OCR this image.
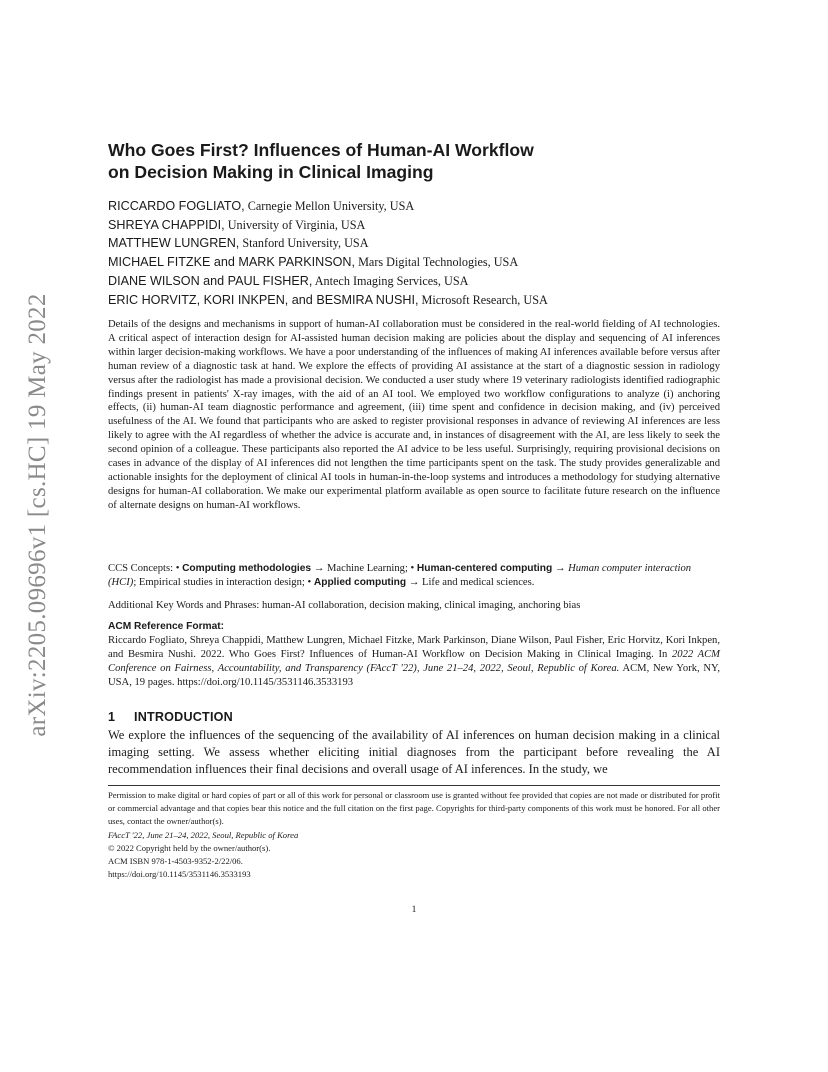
arXiv:2205.09696v1 [cs.HC] 19 May 2022
Who Goes First? Influences of Human-AI Workflow
on Decision Making in Clinical Imaging
RICCARDO FOGLIATO, Carnegie Mellon University, USA
SHREYA CHAPPIDI, University of Virginia, USA
MATTHEW LUNGREN, Stanford University, USA
MICHAEL FITZKE and MARK PARKINSON, Mars Digital Technologies, USA
DIANE WILSON and PAUL FISHER, Antech Imaging Services, USA
ERIC HORVITZ, KORI INKPEN, and BESMIRA NUSHI, Microsoft Research, USA

Details of the designs and mechanisms in support of human-AI collaboration must be considered in the real-world fielding of AI technologies. A critical aspect of interaction design for AI-assisted human decision making are policies about the display and sequencing of AI inferences within larger decision-making workflows. We have a poor understanding of the influences of making AI inferences available before versus after human review of a diagnostic task at hand. We explore the effects of providing AI assistance at the start of a diagnostic session in radiology versus after the radiologist has made a provisional decision. We conducted a user study where 19 veterinary radiologists identified radiographic findings present in patients' X-ray images, with the aid of an AI tool. We employed two workflow configurations to analyze (i) anchoring effects, (ii) human-AI team diagnostic performance and agreement, (iii) time spent and confidence in decision making, and (iv) perceived usefulness of the AI. We found that participants who are asked to register provisional responses in advance of reviewing AI inferences are less likely to agree with the AI regardless of whether the advice is accurate and, in instances of disagreement with the AI, are less likely to seek the second opinion of a colleague. These participants also reported the AI advice to be less useful. Surprisingly, requiring provisional decisions on cases in advance of the display of AI inferences did not lengthen the time participants spent on the task. The study provides generalizable and actionable insights for the deployment of clinical AI tools in human-in-the-loop systems and introduces a methodology for studying alternative designs for human-AI collaboration. We make our experimental platform available as open source to facilitate future research on the influence of alternate designs on human-AI workflows.

CCS Concepts: • Computing methodologies → Machine Learning; • Human-centered computing → Human computer interaction (HCI); Empirical studies in interaction design; • Applied computing → Life and medical sciences.

Additional Key Words and Phrases: human-AI collaboration, decision making, clinical imaging, anchoring bias

ACM Reference Format:

Riccardo Fogliato, Shreya Chappidi, Matthew Lungren, Michael Fitzke, Mark Parkinson, Diane Wilson, Paul Fisher, Eric Horvitz, Kori Inkpen, and Besmira Nushi. 2022. Who Goes First? Influences of Human-AI Workflow on Decision Making in Clinical Imaging. In 2022 ACM Conference on Fairness, Accountability, and Transparency (FAccT '22), June 21–24, 2022, Seoul, Republic of Korea. ACM, New York, NY, USA, 19 pages. https://doi.org/10.1145/3531146.3533193

1 INTRODUCTION

We explore the influences of the sequencing of the availability of AI inferences on human decision making in a clinical imaging setting. We assess whether eliciting initial diagnoses from the participant before revealing the AI recommendation influences their final decisions and overall usage of AI inferences. In the study, we

Permission to make digital or hard copies of part or all of this work for personal or classroom use is granted without fee provided that copies are not made or distributed for profit or commercial advantage and that copies bear this notice and the full citation on the first page. Copyrights for third-party components of this work must be honored. For all other uses, contact the owner/author(s).

FAccT '22, June 21–24, 2022, Seoul, Republic of Korea

© 2022 Copyright held by the owner/author(s).

ACM ISBN 978-1-4503-9352-2/22/06.

https://doi.org/10.1145/3531146.3533193

1
